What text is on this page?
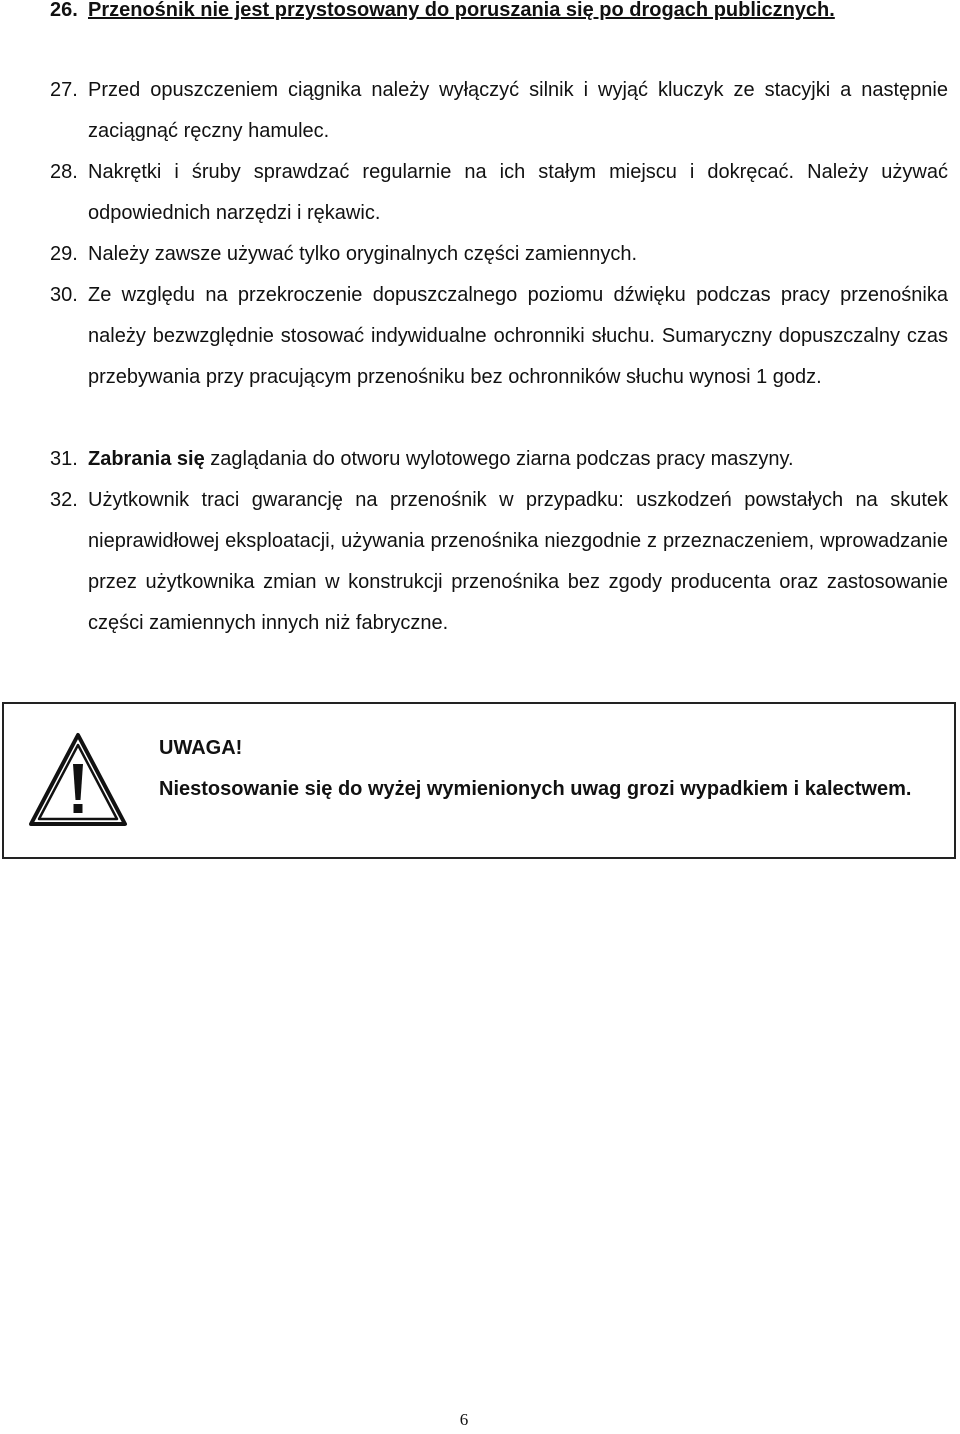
26. Przenośnik nie jest przystosowany do poruszania się po drogach publicznych.
27. Przed opuszczeniem ciągnika należy wyłączyć silnik i wyjąć kluczyk ze stacyjki a następnie zaciągnąć ręczny hamulec.
28. Nakrętki i śruby sprawdzać regularnie na ich stałym miejscu i dokręcać. Należy używać odpowiednich narzędzi i rękawic.
29. Należy zawsze używać tylko oryginalnych części zamiennych.
30. Ze względu na przekroczenie dopuszczalnego poziomu dźwięku podczas pracy przenośnika należy bezwzględnie stosować indywidualne ochronniki słuchu. Sumaryczny dopuszczalny czas przebywania przy pracującym przenośniku bez ochronników słuchu wynosi 1 godz.
31. Zabrania się zaglądania do otworu wylotowego ziarna podczas pracy maszyny.
32. Użytkownik traci gwarancję na przenośnik w przypadku: uszkodzeń powstałych na skutek nieprawidłowej eksploatacji, używania przenośnika niezgodnie z przeznaczeniem, wprowadzanie przez użytkownika zmian w konstrukcji przenośnika bez zgody producenta oraz zastosowanie części zamiennych innych niż fabryczne.
UWAGA!
Niestosowanie się do wyżej wymienionych uwag grozi wypadkiem i kalectwem.
6
